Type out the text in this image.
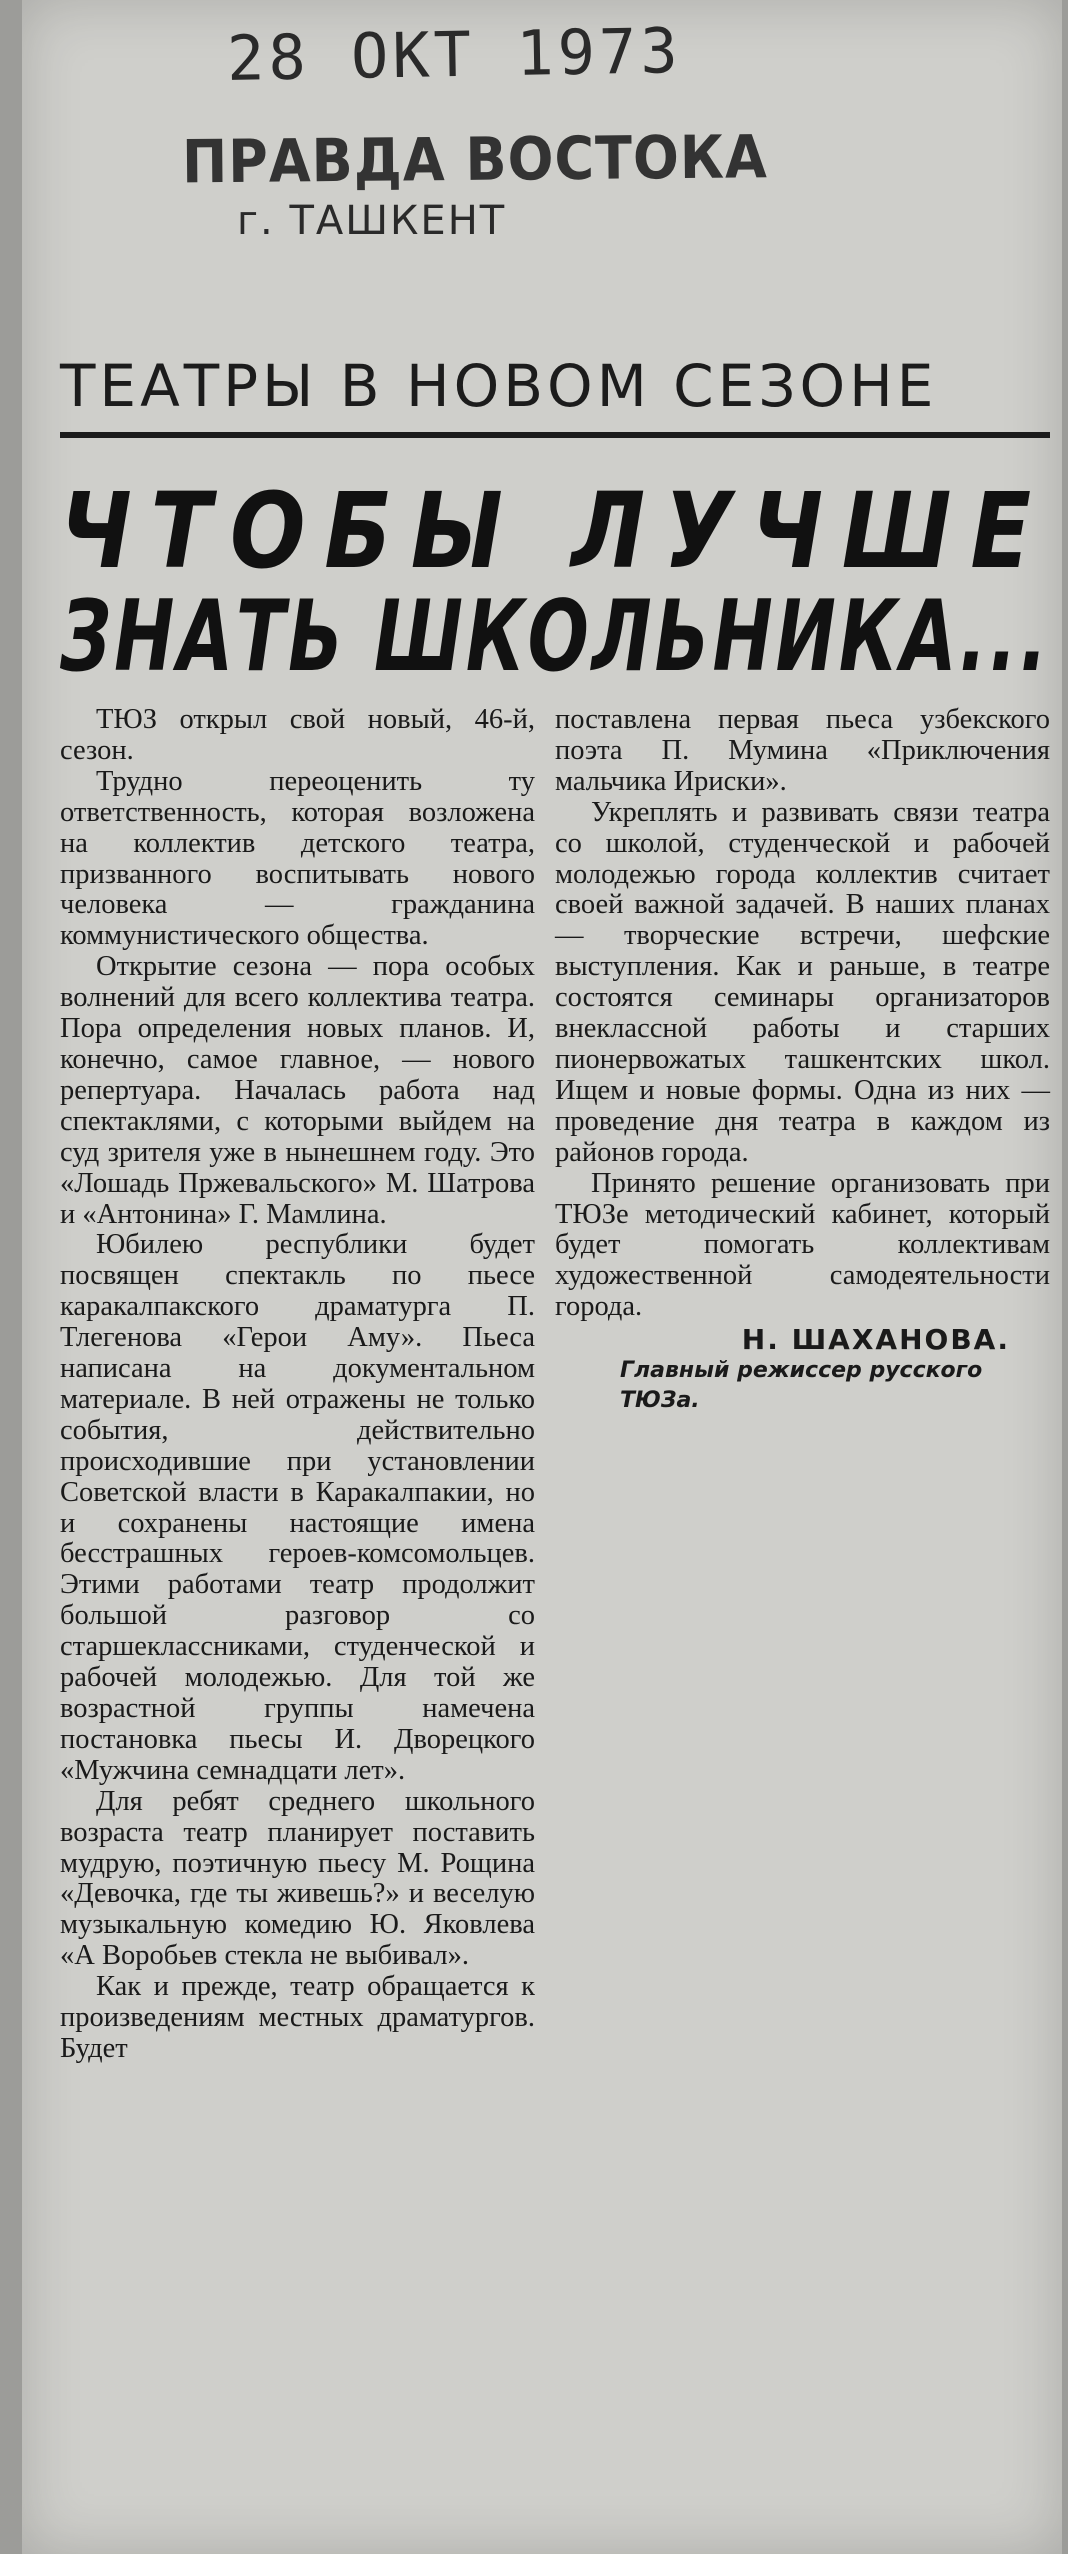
28 ОКТ 1973
ПРАВДА ВОСТОКА
г. ТАШКЕНТ
ТЕАТРЫ В НОВОМ СЕЗОНЕ
ЧТОБЫ ЛУЧШЕ
ЗНАТЬ ШКОЛЬНИКА...

ТЮЗ открыл свой новый, 46-й, сезон.

Трудно переоценить ту ответственность, которая возложена на коллектив детского театра, призванного воспитывать нового человека — гражданина коммунистического общества.

Открытие сезона — пора особых волнений для всего коллектива театра. Пора определения новых планов. И, конечно, самое главное, — нового репертуара. Началась работа над спектаклями, с которыми выйдем на суд зрителя уже в нынешнем году. Это «Лошадь Пржевальского» М. Шатрова и «Антонина» Г. Мамлина.

Юбилею республики будет посвящен спектакль по пьесе каракалпакского драматурга П. Тлегенова «Герои Аму». Пьеса написана на документальном материале. В ней отражены не только события, действительно происходившие при установлении Советской власти в Каракалпакии, но и сохранены настоящие имена бесстрашных героев-комсомольцев. Этими работами театр продолжит большой разговор со старшеклассниками, студенческой и рабочей молодежью. Для той же возрастной группы намечена постановка пьесы И. Дворецкого «Мужчина семнадцати лет».

Для ребят среднего школьного возраста театр планирует поставить мудрую, поэтичную пьесу М. Рощина «Девочка, где ты живешь?» и веселую музыкальную комедию Ю. Яковлева «А Воробьев стекла не выбивал».

Как и прежде, театр обращается к произведениям местных драматургов. Будет

поставлена первая пьеса узбекского поэта П. Мумина «Приключения мальчика Ириски».

Укреплять и развивать связи театра со школой, студенческой и рабочей молодежью города коллектив считает своей важной задачей. В наших планах — творческие встречи, шефские выступления. Как и раньше, в театре состоятся семинары организаторов внеклассной работы и старших пионервожатых ташкентских школ. Ищем и новые формы. Одна из них — проведение дня театра в каждом из районов города.

Принято решение организовать при ТЮЗе методический кабинет, который будет помогать коллективам художественной самодеятельности города.

Н. ШАХАНОВА.
Главный режиссер русского ТЮЗа.
